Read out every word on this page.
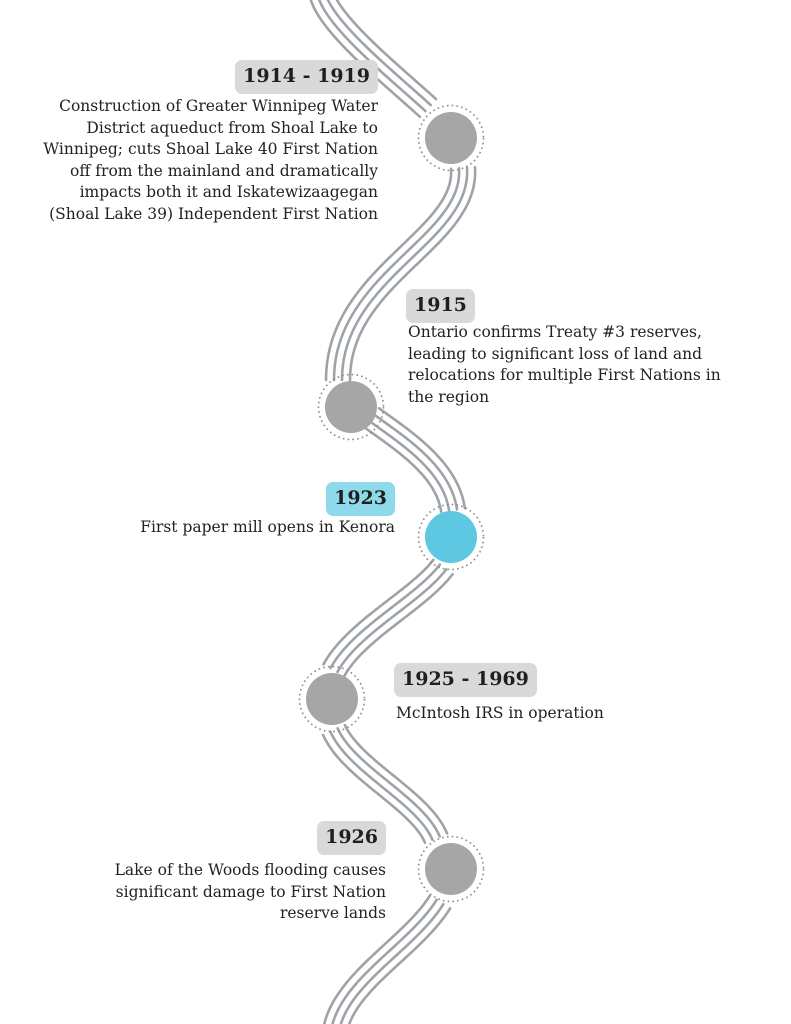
1914 - 1919
Construction of Greater Winnipeg Water District aqueduct from Shoal Lake to Winnipeg; cuts Shoal Lake 40 First Nation off from the mainland and dramatically impacts both it and Iskatewizaagegan (Shoal Lake 39) Independent First Nation
1915
Ontario confirms Treaty #3 reserves, leading to significant loss of land and relocations for multiple First Nations in the region
1923
First paper mill opens in Kenora
1925 - 1969
McIntosh IRS in operation
1926
Lake of the Woods flooding causes significant damage to First Nation reserve lands
